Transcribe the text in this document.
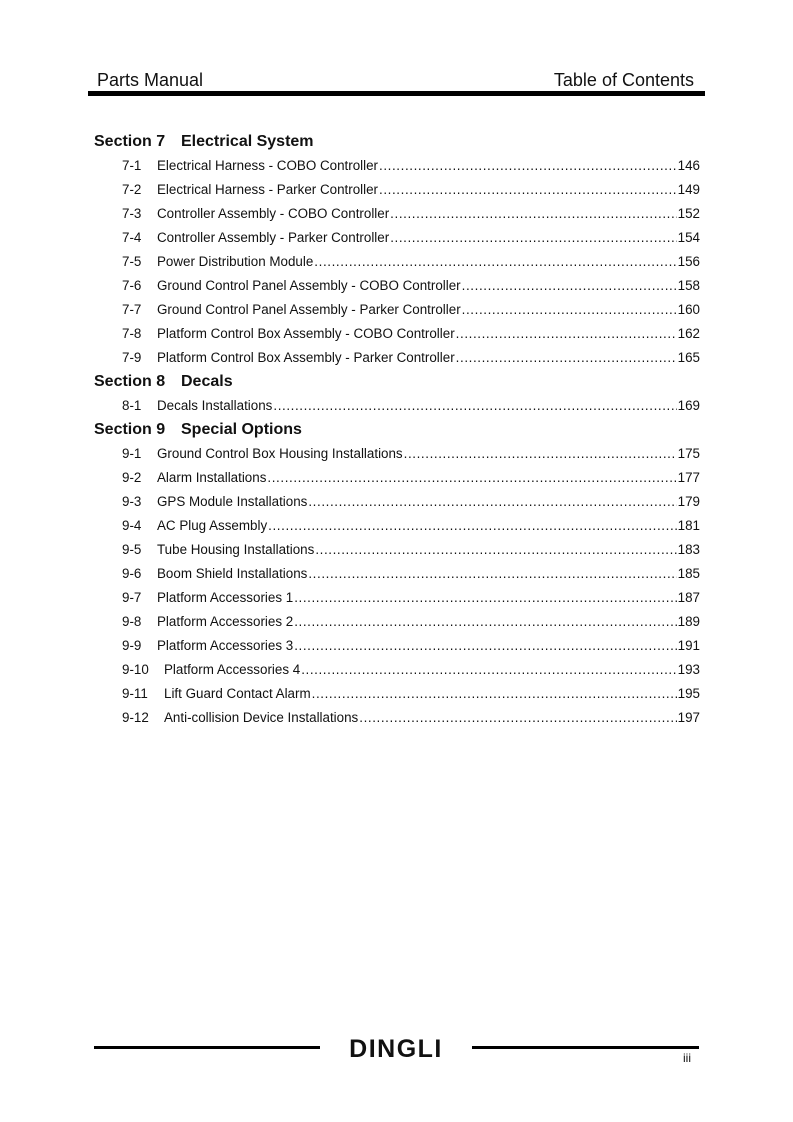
Parts Manual	Table of Contents
Section 7 Electrical System
7-1	Electrical Harness - COBO Controller .....	146
7-2	Electrical Harness - Parker Controller .....	149
7-3	Controller Assembly - COBO Controller .....	152
7-4	Controller Assembly - Parker Controller .....	154
7-5	Power Distribution Module .....	156
7-6	Ground Control Panel Assembly - COBO Controller .....	158
7-7	Ground Control Panel Assembly - Parker Controller .....	160
7-8	Platform Control Box Assembly - COBO Controller .....	162
7-9	Platform Control Box Assembly - Parker Controller .....	165
Section 8 Decals
8-1	Decals Installations .....	169
Section 9 Special Options
9-1	Ground Control Box Housing Installations .....	175
9-2	Alarm Installations .....	177
9-3	GPS Module Installations .....	179
9-4	AC Plug Assembly .....	181
9-5	Tube Housing Installations .....	183
9-6	Boom Shield Installations .....	185
9-7	Platform Accessories 1 .....	187
9-8	Platform Accessories 2 .....	189
9-9	Platform Accessories 3 .....	191
9-10	Platform Accessories 4 .....	193
9-11	Lift Guard Contact Alarm .....	195
9-12	Anti-collision Device Installations .....	197
DINGLI	iii
